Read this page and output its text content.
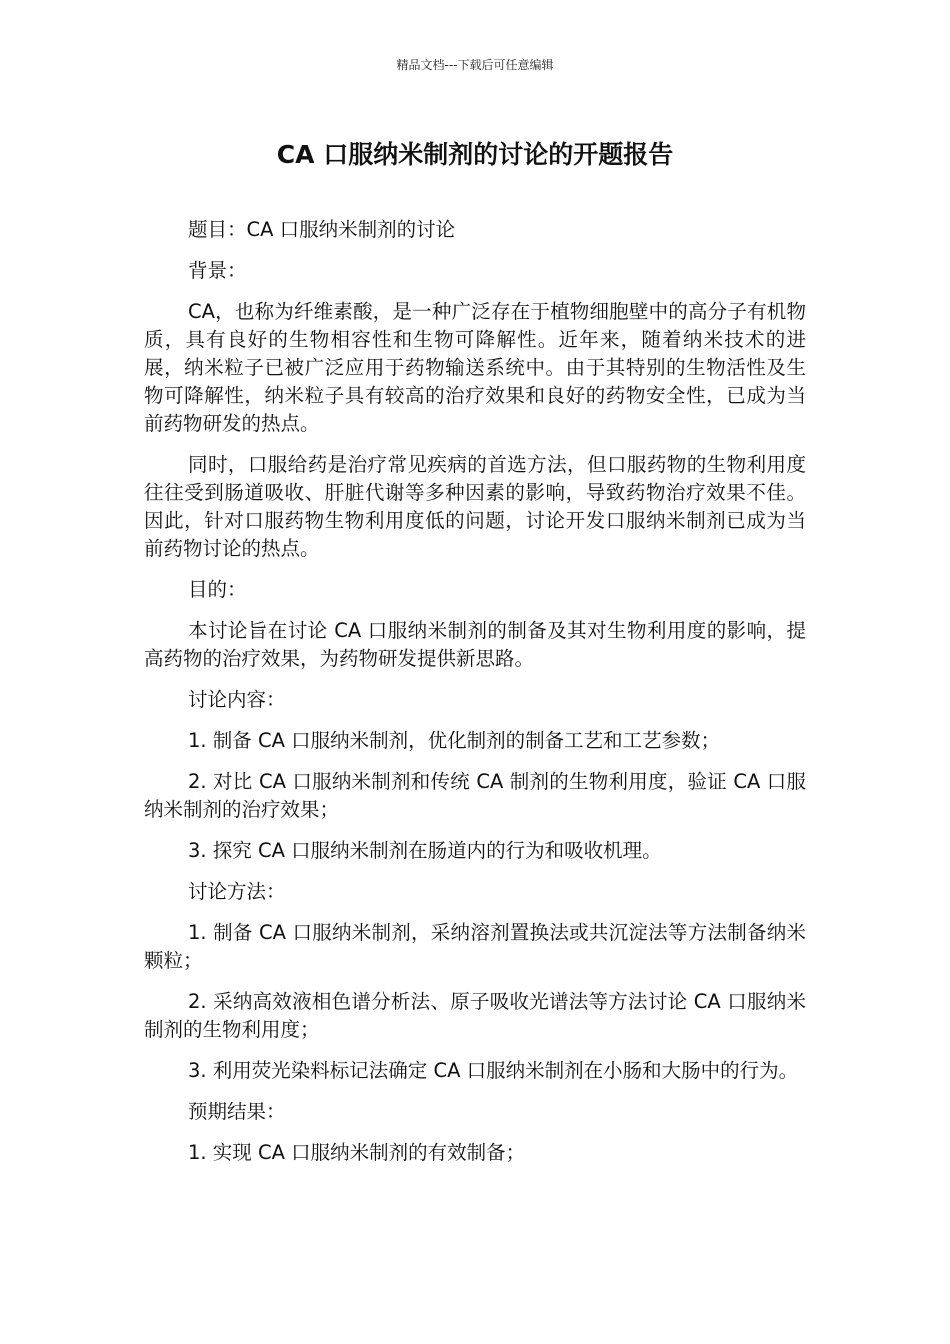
精品文档---下载后可任意编辑
CA 口服纳米制剂的讨论的开题报告

题目：CA 口服纳米制剂的讨论

背景：

CA，也称为纤维素酸，是一种广泛存在于植物细胞壁中的高分子有机物质，具有良好的生物相容性和生物可降解性。近年来，随着纳米技术的进展，纳米粒子已被广泛应用于药物输送系统中。由于其特别的生物活性及生物可降解性，纳米粒子具有较高的治疗效果和良好的药物安全性，已成为当前药物研发的热点。

同时，口服给药是治疗常见疾病的首选方法，但口服药物的生物利用度往往受到肠道吸收、肝脏代谢等多种因素的影响，导致药物治疗效果不佳。因此，针对口服药物生物利用度低的问题，讨论开发口服纳米制剂已成为当前药物讨论的热点。

目的：

本讨论旨在讨论 CA 口服纳米制剂的制备及其对生物利用度的影响，提高药物的治疗效果，为药物研发提供新思路。

讨论内容：

1. 制备 CA 口服纳米制剂，优化制剂的制备工艺和工艺参数；

2. 对比 CA 口服纳米制剂和传统 CA 制剂的生物利用度，验证 CA 口服纳米制剂的治疗效果；

3. 探究 CA 口服纳米制剂在肠道内的行为和吸收机理。

讨论方法：

1. 制备 CA 口服纳米制剂，采纳溶剂置换法或共沉淀法等方法制备纳米颗粒；

2. 采纳高效液相色谱分析法、原子吸收光谱法等方法讨论 CA 口服纳米制剂的生物利用度；

3. 利用荧光染料标记法确定 CA 口服纳米制剂在小肠和大肠中的行为。

预期结果：

1. 实现 CA 口服纳米制剂的有效制备；
